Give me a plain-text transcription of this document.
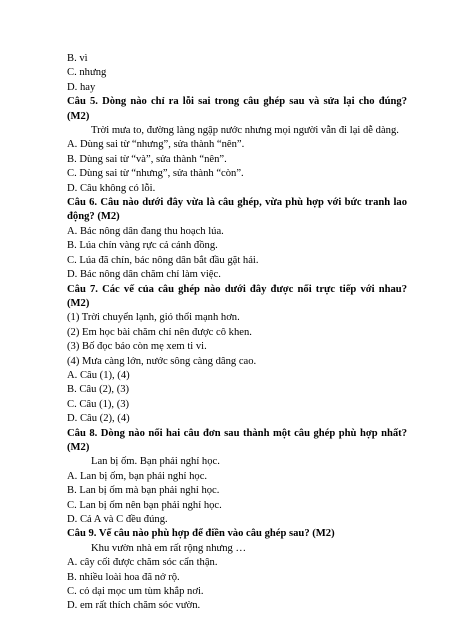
B. vì

C. nhưng

D. hay

Câu 5. Dòng nào chỉ ra lỗi sai trong câu ghép sau và sửa lại cho đúng? (M2)

Trời mưa to, đường làng ngập nước nhưng mọi người vẫn đi lại dễ dàng.

A. Dùng sai từ “nhưng”, sửa thành “nên”.

B. Dùng sai từ “và”, sửa thành “nên”.

C. Dùng sai từ “nhưng”, sửa thành “còn”.

D. Câu không có lỗi.

Câu 6. Câu nào dưới đây vừa là câu ghép, vừa phù hợp với bức tranh lao động? (M2)

A. Bác nông dân đang thu hoạch lúa.

B. Lúa chín vàng rực cả cánh đồng.

C. Lúa đã chín, bác nông dân bắt đầu gặt hái.

D. Bác nông dân chăm chỉ làm việc.

Câu 7. Các vế của câu ghép nào dưới đây được nối trực tiếp với nhau? (M2)

(1) Trời chuyển lạnh, gió thổi mạnh hơn.

(2) Em học bài chăm chỉ nên được cô khen.

(3) Bố đọc báo còn mẹ xem ti vi.

(4) Mưa càng lớn, nước sông càng dâng cao.

A. Câu (1), (4)

B. Câu (2), (3)

C. Câu (1), (3)

D. Câu (2), (4)

Câu 8. Dòng nào nối hai câu đơn sau thành một câu ghép phù hợp nhất? (M2)

Lan bị ốm. Bạn phải nghỉ học.

A. Lan bị ốm, bạn phải nghỉ học.

B. Lan bị ốm mà bạn phải nghỉ học.

C. Lan bị ốm nên bạn phải nghỉ học.

D. Cả A và C đều đúng.

Câu 9. Vế câu nào phù hợp để điền vào câu ghép sau? (M2)

Khu vườn nhà em rất rộng nhưng …

A. cây cối được chăm sóc cẩn thận.

B. nhiều loài hoa đã nở rộ.

C. cỏ dại mọc um tùm khắp nơi.

D. em rất thích chăm sóc vườn.
